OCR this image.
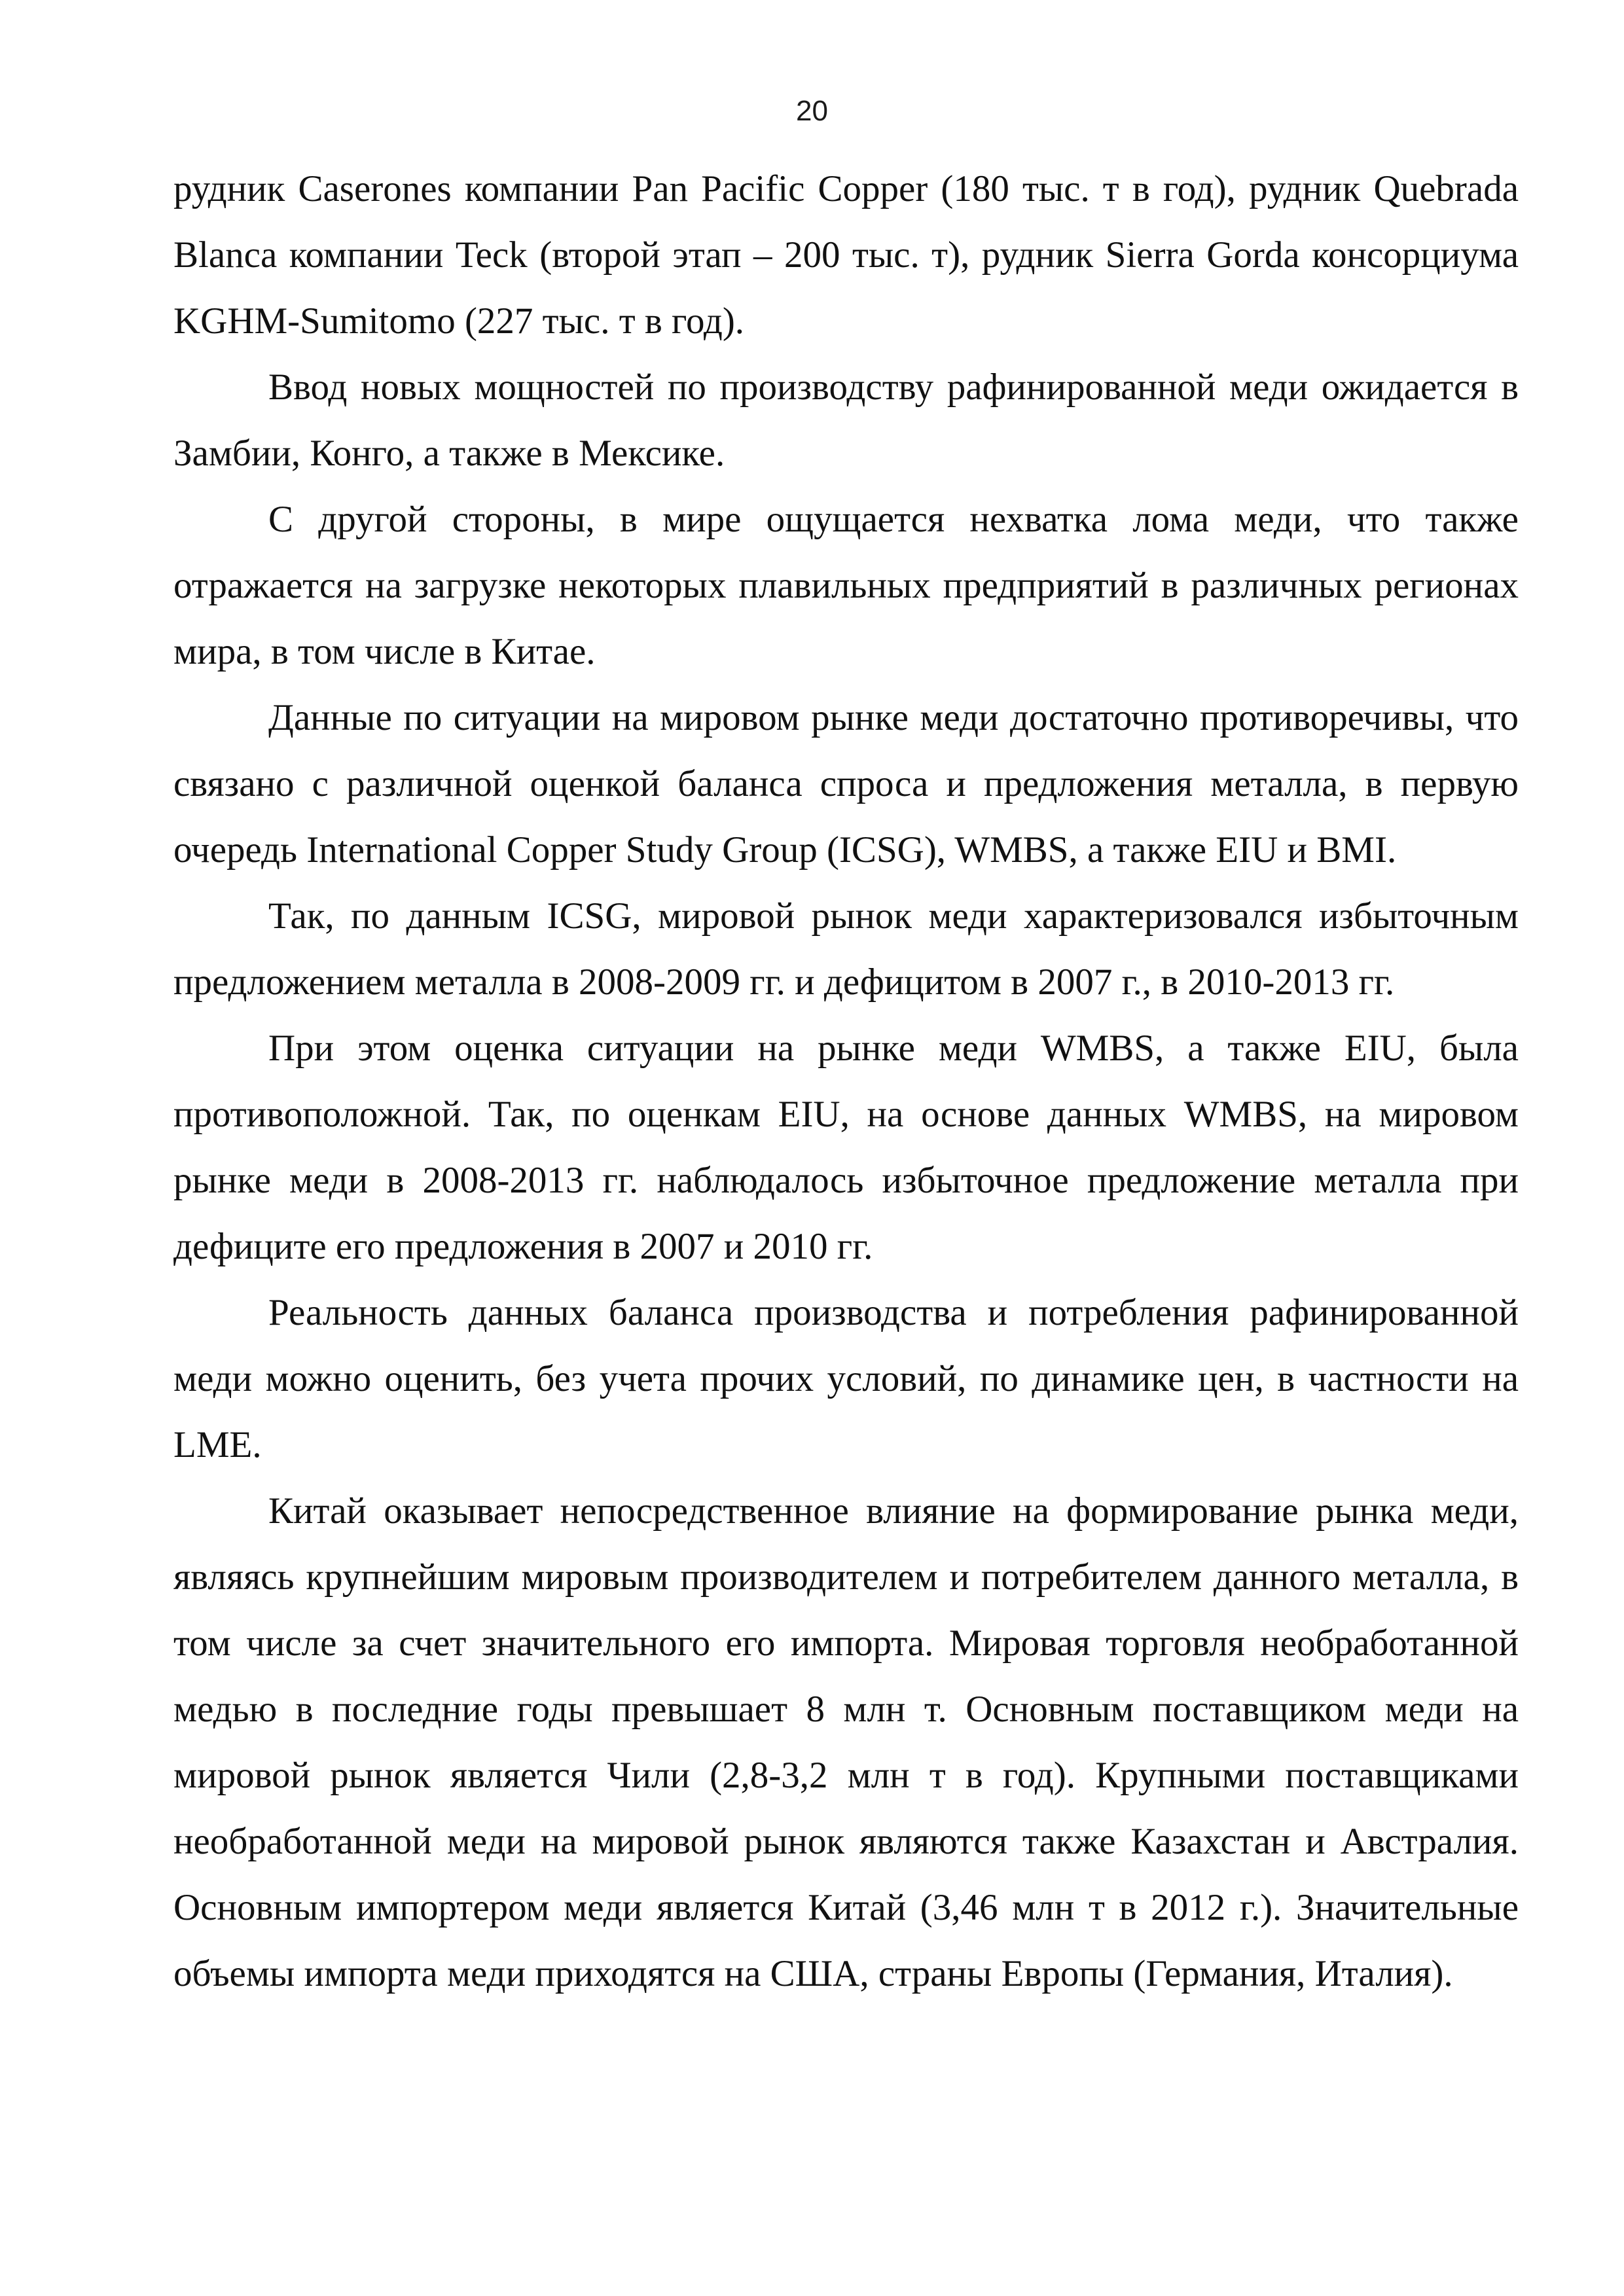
20

рудник Caserones компании Pan Pacific Copper (180 тыс. т в год), рудник Quebrada Blanca компании Teck (второй этап – 200 тыс. т), рудник Sierra Gorda консорциума KGHM-Sumitomo (227 тыс. т в год).

Ввод новых мощностей по производству рафинированной меди ожидается в Замбии, Конго, а также в Мексике.

С другой стороны, в мире ощущается нехватка лома меди, что также отражается на загрузке некоторых плавильных предприятий в различных регионах мира, в том числе в Китае.

Данные по ситуации на мировом рынке меди достаточно противоречивы, что связано с различной оценкой баланса спроса и предложения металла, в первую очередь International Copper Study Group (ICSG), WMBS, а также EIU и BMI.

Так, по данным ICSG, мировой рынок меди характеризовался избыточным предложением металла в 2008-2009 гг. и дефицитом в 2007 г., в 2010-2013 гг.

При этом оценка ситуации на рынке меди WMBS, а также EIU, была противоположной. Так, по оценкам EIU, на основе данных WMBS, на мировом рынке меди в 2008-2013 гг. наблюдалось избыточное предложение металла при дефиците его предложения в 2007 и 2010 гг.

Реальность данных баланса производства и потребления рафинированной меди можно оценить, без учета прочих условий, по динамике цен, в частности на LME.

Китай оказывает непосредственное влияние на формирование рынка меди, являясь крупнейшим мировым производителем и потребителем данного металла, в том числе за счет значительного его импорта. Мировая торговля необработанной медью в последние годы превышает 8 млн т. Основным поставщиком меди на мировой рынок является Чили (2,8-3,2 млн т в год). Крупными поставщиками необработанной меди на мировой рынок являются также Казахстан и Австралия. Основным импортером меди является Китай (3,46 млн т в 2012 г.). Значительные объемы импорта меди приходятся на США, страны Европы (Германия, Италия).
